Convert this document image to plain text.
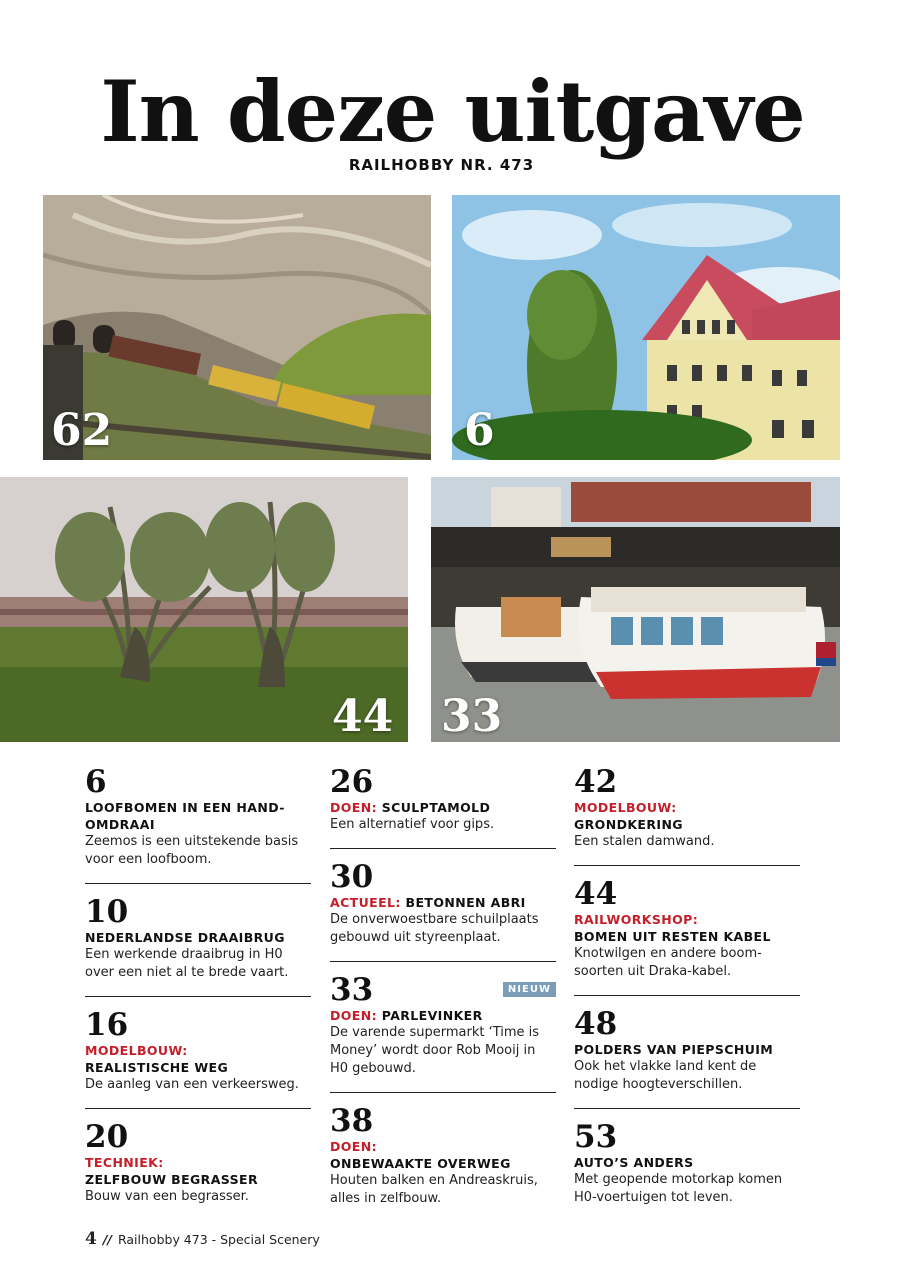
In deze uitgave
RAILHOBBY NR. 473
62	6
44 33
6
LOOFBOMEN IN EEN HAND-OMDRAAI
Zeemos is een uitstekende basis voor een loofboom.
10
NEDERLANDSE DRAAIBRUG
Een werkende draaibrug in H0 over een niet al te brede vaart.
16
MODELBOUW:
REALISTISCHE WEG
De aanleg van een verkeersweg.
20
TECHNIEK:
ZELFBOUW BEGRASSER
Bouw van een begrasser.
26
DOEN: SCULPTAMOLD
Een alternatief voor gips.
30
ACTUEEL: BETONNEN ABRI
De onverwoestbare schuilplaats gebouwd uit styreenplaat.
NIEUW
33
DOEN: PARLEVINKER
De varende supermarkt ‘Time is Money’ wordt door Rob Mooij in H0 gebouwd.
38
DOEN:
ONBEWAAKTE OVERWEG
Houten balken en Andreaskruis, alles in zelfbouw.
42
MODELBOUW:
GRONDKERING
Een stalen damwand.
44
RAILWORKSHOP:
BOMEN UIT RESTEN KABEL
Knotwilgen en andere boom-soorten uit Draka-kabel.
48
POLDERS VAN PIEPSCHUIM
Ook het vlakke land kent de nodige hoogteverschillen.
53
AUTO’S ANDERS
Met geopende motorkap komen H0-voertuigen tot leven.
4 // Railhobby 473 - Special Scenery
